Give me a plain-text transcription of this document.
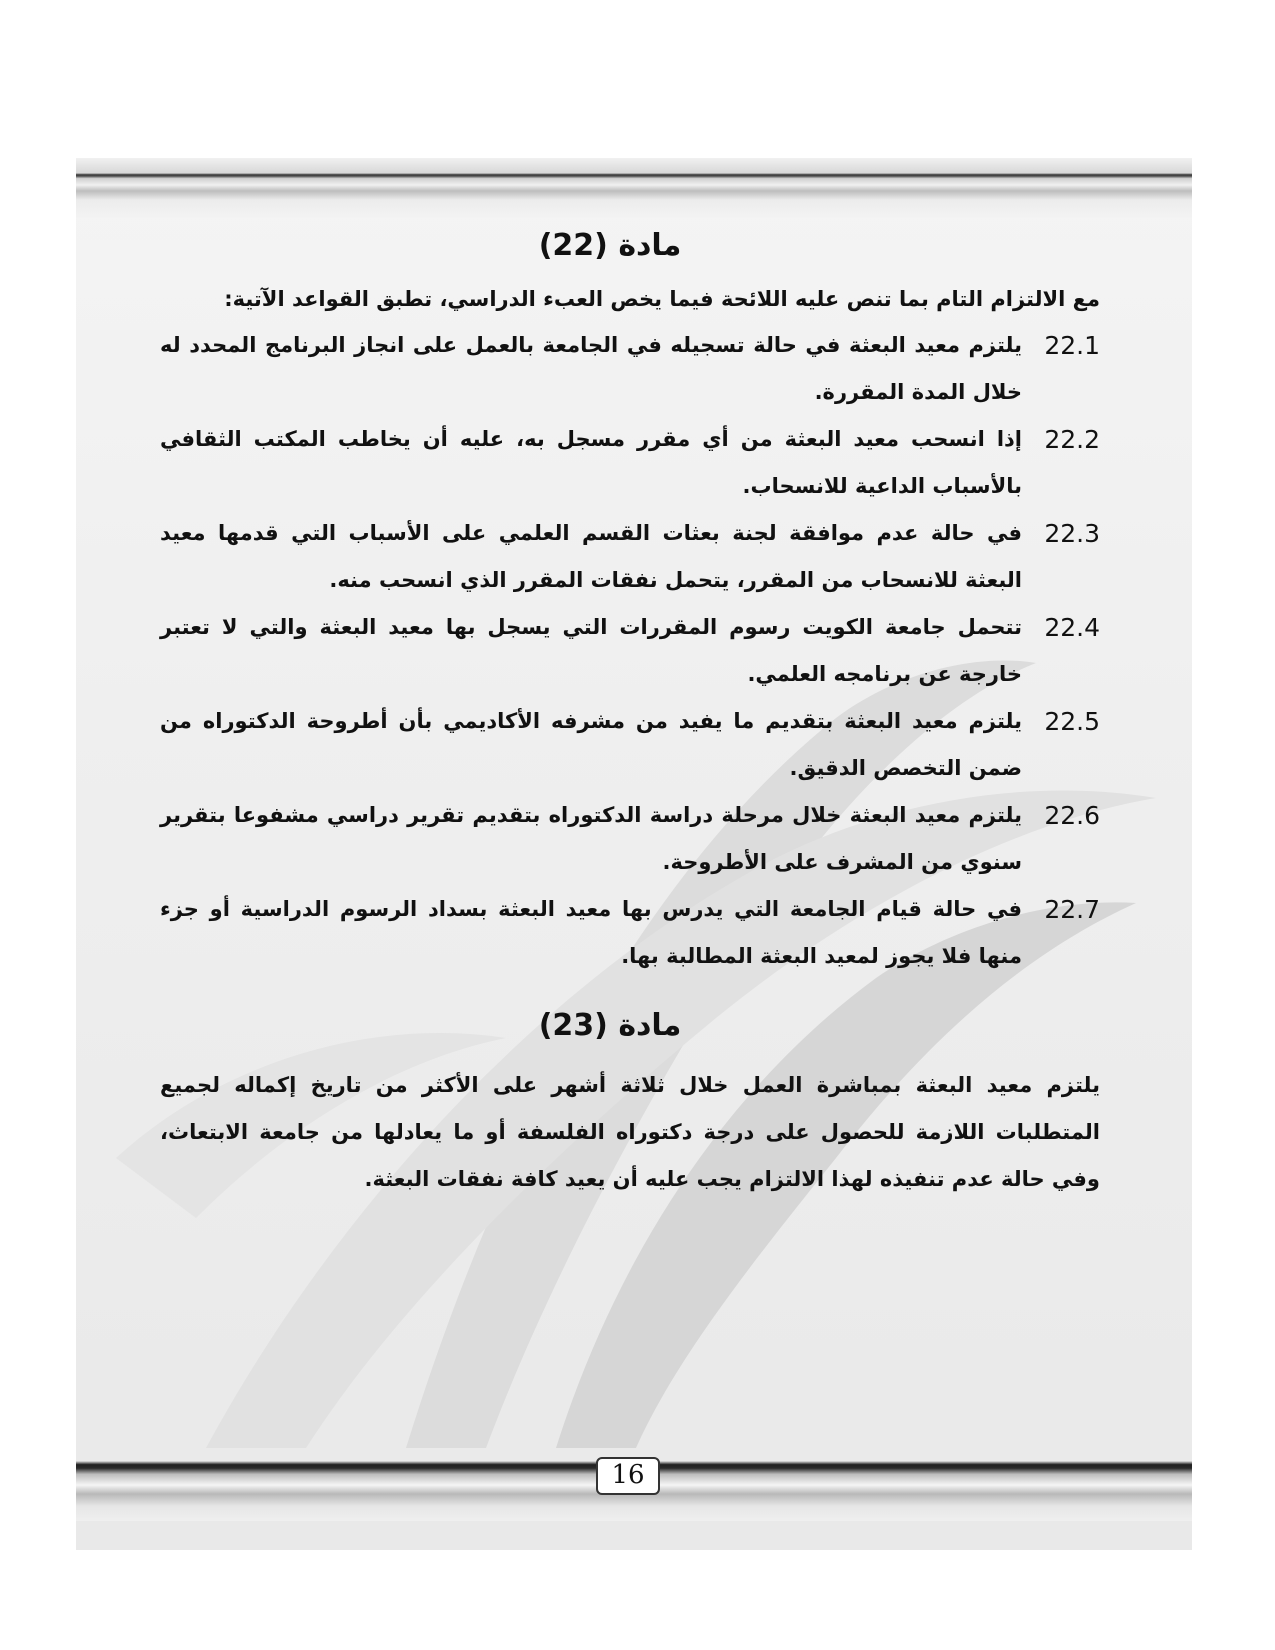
مادة (22)
مع الالتزام التام بما تنص عليه اللائحة فيما يخص العبء الدراسي، تطبق القواعد الآتية:
22.1
يلتزم معيد البعثة في حالة تسجيله في الجامعة بالعمل على انجاز البرنامج المحدد له خلال المدة المقررة.
22.2
إذا انسحب معيد البعثة من أي مقرر مسجل به، عليه أن يخاطب المكتب الثقافي بالأسباب الداعية للانسحاب.
22.3
في حالة عدم موافقة لجنة بعثات القسم العلمي على الأسباب التي قدمها معيد البعثة للانسحاب من المقرر، يتحمل نفقات المقرر الذي انسحب منه.
22.4
تتحمل جامعة الكويت رسوم المقررات التي يسجل بها معيد البعثة والتي لا تعتبر خارجة عن برنامجه العلمي.
22.5
يلتزم معيد البعثة بتقديم ما يفيد من مشرفه الأكاديمي بأن أطروحة الدكتوراه من ضمن التخصص الدقيق.
22.6
يلتزم معيد البعثة خلال مرحلة دراسة الدكتوراه بتقديم تقرير دراسي مشفوعا بتقرير سنوي من المشرف على الأطروحة.
22.7
في حالة قيام الجامعة التي يدرس بها معيد البعثة بسداد الرسوم الدراسية أو جزء منها فلا يجوز لمعيد البعثة المطالبة بها.
مادة (23)
يلتزم معيد البعثة بمباشرة العمل خلال ثلاثة أشهر على الأكثر من تاريخ إكماله لجميع المتطلبات اللازمة للحصول على درجة دكتوراه الفلسفة أو ما يعادلها من جامعة الابتعاث، وفي حالة عدم تنفيذه لهذا الالتزام يجب عليه أن يعيد كافة نفقات البعثة.
16
